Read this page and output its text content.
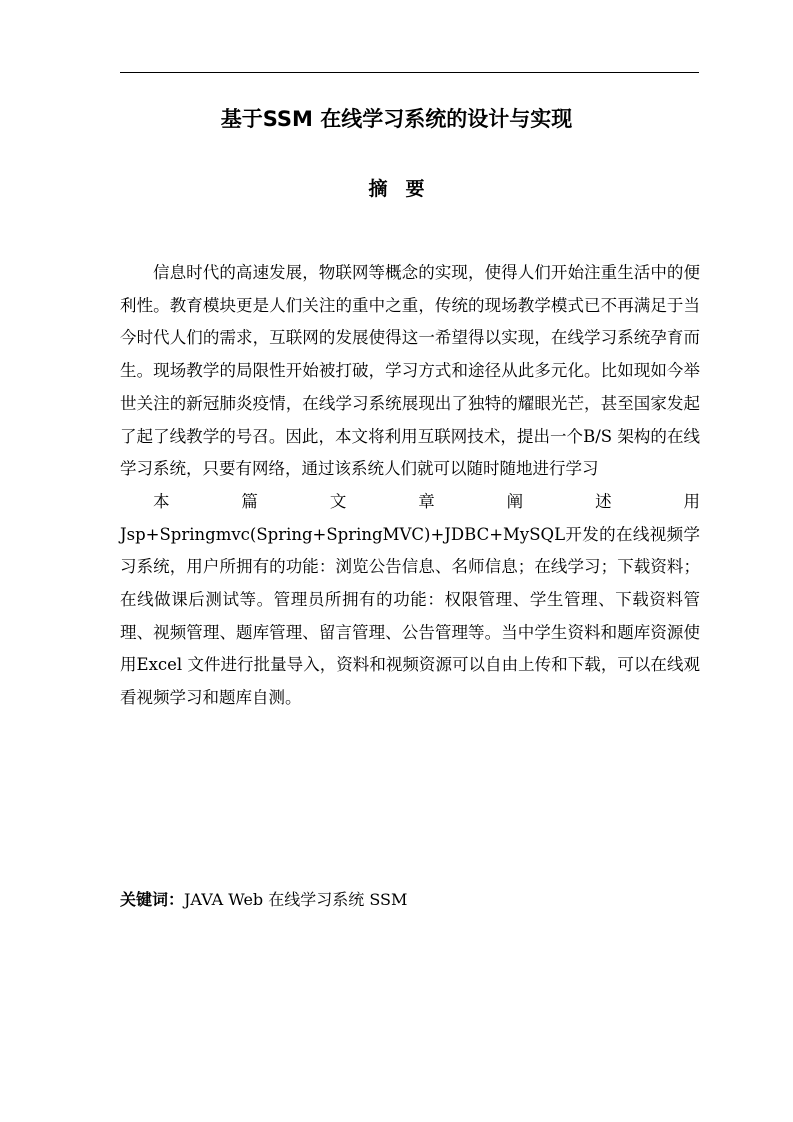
基于SSM 在线学习系统的设计与实现
摘要

信息时代的高速发展，物联网等概念的实现，使得人们开始注重生活中的便利性。教育模块更是人们关注的重中之重，传统的现场教学模式已不再满足于当今时代人们的需求，互联网的发展使得这一希望得以实现，在线学习系统孕育而生。现场教学的局限性开始被打破，学习方式和途径从此多元化。比如现如今举世关注的新冠肺炎疫情，在线学习系统展现出了独特的耀眼光芒，甚至国家发起了起了线教学的号召。因此，本文将利用互联网技术，提出一个B/S 架构的在线学习系统，只要有网络，通过该系统人们就可以随时随地进行学习

本篇文章阐述用Jsp+Springmvc(Spring+SpringMVC)+JDBC+MySQL开发的在线视频学习系统，用户所拥有的功能：浏览公告信息、名师信息；在线学习；下载资料；在线做课后测试等。管理员所拥有的功能：权限管理、学生管理、下载资料管理、视频管理、题库管理、留言管理、公告管理等。当中学生资料和题库资源使用Excel 文件进行批量导入，资料和视频资源可以自由上传和下载，可以在线观看视频学习和题库自测。

关键词：JAVA Web 在线学习系统 SSM
